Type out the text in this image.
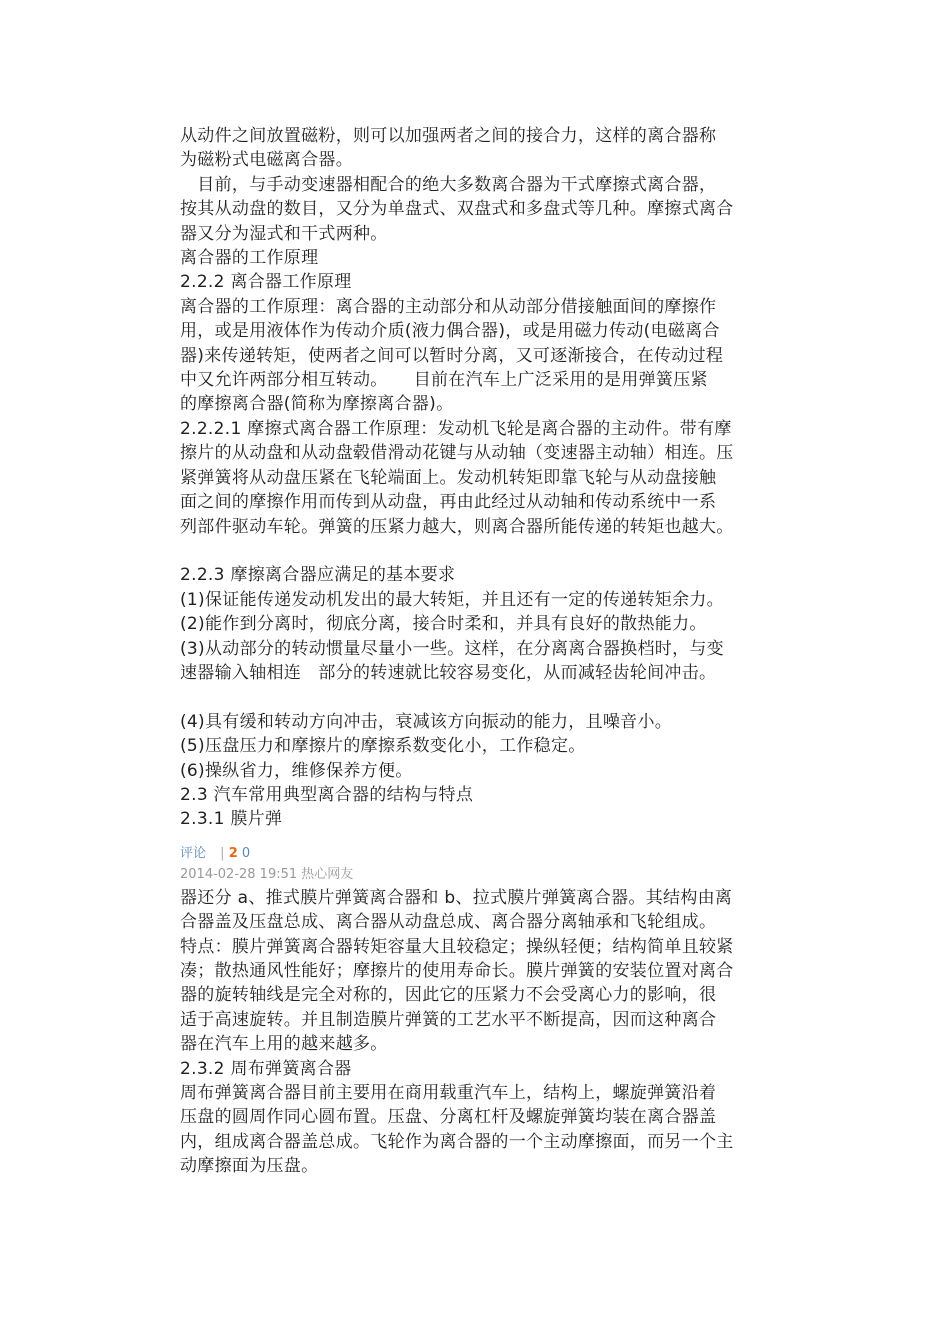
从动件之间放置磁粉，则可以加强两者之间的接合力，这样的离合器称
为磁粉式电磁离合器。
　目前，与手动变速器相配合的绝大多数离合器为干式摩擦式离合器，
按其从动盘的数目，又分为单盘式、双盘式和多盘式等几种。摩擦式离合
器又分为湿式和干式两种。
离合器的工作原理
2.2.2 离合器工作原理
离合器的工作原理：离合器的主动部分和从动部分借接触面间的摩擦作
用，或是用液体作为传动介质(液力偶合器)，或是用磁力传动(电磁离合
器)来传递转矩，使两者之间可以暂时分离，又可逐渐接合，在传动过程
中又允许两部分相互转动。　　目前在汽车上广泛采用的是用弹簧压紧
的摩擦离合器(简称为摩擦离合器)。
2.2.2.1 摩擦式离合器工作原理：发动机飞轮是离合器的主动件。带有摩
擦片的从动盘和从动盘毂借滑动花键与从动轴（变速器主动轴）相连。压
紧弹簧将从动盘压紧在飞轮端面上。发动机转矩即靠飞轮与从动盘接触
面之间的摩擦作用而传到从动盘，再由此经过从动轴和传动系统中一系
列部件驱动车轮。弹簧的压紧力越大，则离合器所能传递的转矩也越大。
2.2.3 摩擦离合器应满足的基本要求
(1)保证能传递发动机发出的最大转矩，并且还有一定的传递转矩余力。
(2)能作到分离时，彻底分离，接合时柔和，并具有良好的散热能力。
(3)从动部分的转动惯量尽量小一些。这样，在分离离合器换档时，与变
速器输入轴相连　部分的转速就比较容易变化，从而减轻齿轮间冲击。
(4)具有缓和转动方向冲击，衰减该方向振动的能力，且噪音小。
(5)压盘压力和摩擦片的摩擦系数变化小，工作稳定。
(6)操纵省力，维修保养方便。
2.3 汽车常用典型离合器的结构与特点
2.3.1 膜片弹
评论 | 2 0
2014-02-28 19:51 热心网友
器还分 a、推式膜片弹簧离合器和 b、拉式膜片弹簧离合器。其结构由离
合器盖及压盘总成、离合器从动盘总成、离合器分离轴承和飞轮组成。
特点：膜片弹簧离合器转矩容量大且较稳定；操纵轻便；结构简单且较紧
凑；散热通风性能好；摩擦片的使用寿命长。膜片弹簧的安装位置对离合
器的旋转轴线是完全对称的，因此它的压紧力不会受离心力的影响，很
适于高速旋转。并且制造膜片弹簧的工艺水平不断提高，因而这种离合
器在汽车上用的越来越多。
2.3.2 周布弹簧离合器
周布弹簧离合器目前主要用在商用载重汽车上，结构上，螺旋弹簧沿着
压盘的圆周作同心圆布置。压盘、分离杠杆及螺旋弹簧均装在离合器盖
内，组成离合器盖总成。飞轮作为离合器的一个主动摩擦面，而另一个主
动摩擦面为压盘。
